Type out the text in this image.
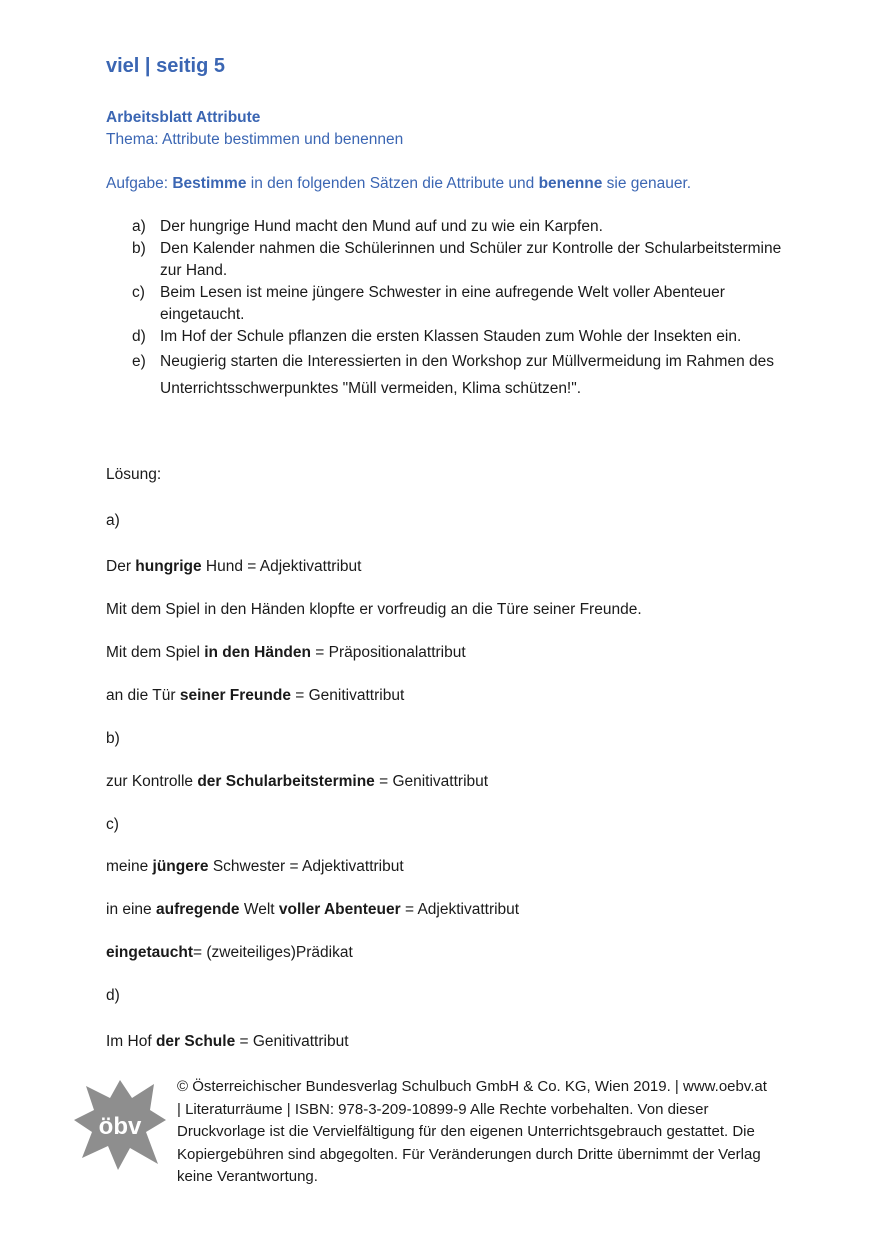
viel | seitig 5
Arbeitsblatt Attribute
Thema: Attribute bestimmen und benennen
Aufgabe: Bestimme in den folgenden Sätzen die Attribute und benenne sie genauer.
a) Der hungrige Hund macht den Mund auf und zu wie ein Karpfen.
b) Den Kalender nahmen die Schülerinnen und Schüler zur Kontrolle der Schularbeitstermine zur Hand.
c) Beim Lesen ist meine jüngere Schwester in eine aufregende Welt voller Abenteuer eingetaucht.
d) Im Hof der Schule pflanzen die ersten Klassen Stauden zum Wohle der Insekten ein.
e) Neugierig starten die Interessierten in den Workshop zur Müllvermeidung im Rahmen des Unterrichtsschwerpunktes "Müll vermeiden, Klima schützen!".
Lösung:
a)
Der hungrige Hund = Adjektivattribut
Mit dem Spiel in den Händen klopfte er vorfreudig an die Türe seiner Freunde.
Mit dem Spiel in den Händen = Präpositionalattribut
an die Tür seiner Freunde = Genitivattribut
b)
zur Kontrolle der Schularbeitstermine = Genitivattribut
c)
meine jüngere Schwester = Adjektivattribut
in eine aufregende Welt voller Abenteuer = Adjektivattribut
eingetaucht= (zweiteiliges)Prädikat
d)
Im Hof der Schule = Genitivattribut
öbv
© Österreichischer Bundesverlag Schulbuch GmbH & Co. KG, Wien 2019. | www.oebv.at | Literaturräume | ISBN: 978-3-209-10899-9 Alle Rechte vorbehalten. Von dieser Druckvorlage ist die Vervielfältigung für den eigenen Unterrichtsgebrauch gestattet. Die Kopiergebühren sind abgegolten. Für Veränderungen durch Dritte übernimmt der Verlag keine Verantwortung.
